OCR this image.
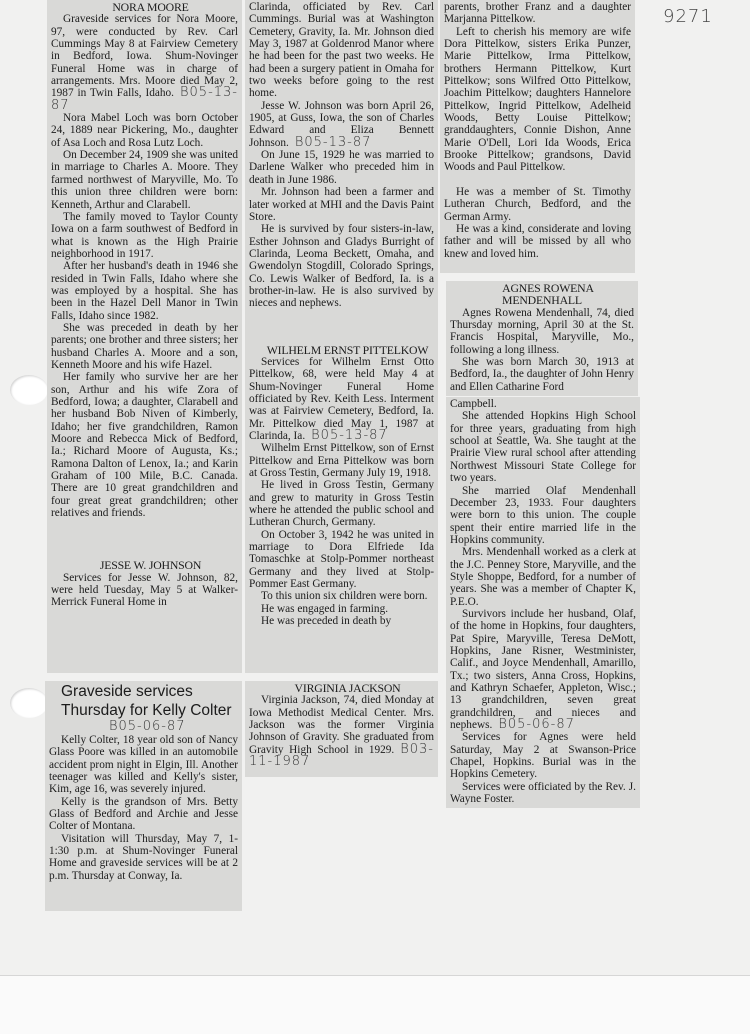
9271

NORA MOORE

Graveside services for Nora Moore, 97, were conducted by Rev. Carl Cummings May 8 at Fairview Cemetery in Bedford, Iowa. Shum-Novinger Funeral Home was in charge of arrangements. Mrs. Moore died May 2, 1987 in Twin Falls, Idaho. B05-13-87

Nora Mabel Loch was born October 24, 1889 near Pickering, Mo., daughter of Asa Loch and Rosa Lutz Loch.

On December 24, 1909 she was united in marriage to Charles A. Moore. They farmed northwest of Maryville, Mo. To this union three children were born: Kenneth, Arthur and Clarabell.

The family moved to Taylor County Iowa on a farm southwest of Bedford in what is known as the High Prairie neighborhood in 1917.

After her husband's death in 1946 she resided in Twin Falls, Idaho where she was employed by a hospital. She has been in the Hazel Dell Manor in Twin Falls, Idaho since 1982.

She was preceded in death by her parents; one brother and three sisters; her husband Charles A. Moore and a son, Kenneth Moore and his wife Hazel.

Her family who survive her are her son, Arthur and his wife Zora of Bedford, Iowa; a daughter, Clarabell and her husband Bob Niven of Kimberly, Idaho; her five grandchildren, Ramon Moore and Rebecca Mick of Bedford, Ia.; Richard Moore of Augusta, Ks.; Ramona Dalton of Lenox, Ia.; and Karin Graham of 100 Mile, B.C. Canada. There are 10 great grandchildren and four great great grandchildren; other relatives and friends.

JESSE W. JOHNSON

Services for Jesse W. Johnson, 82, were held Tuesday, May 5 at Walker-Merrick Funeral Home in

Graveside services

Thursday for Kelly Colter

B05-06-87

Kelly Colter, 18 year old son of Nancy Glass Poore was killed in an automobile accident prom night in Elgin, Ill. Another teenager was killed and Kelly's sister, Kim, age 16, was severely injured.

Kelly is the grandson of Mrs. Betty Glass of Bedford and Archie and Jesse Colter of Montana.

Visitation will Thursday, May 7, 1-1:30 p.m. at Shum-Novinger Funeral Home and graveside services will be at 2 p.m. Thursday at Conway, Ia.

Clarinda, officiated by Rev. Carl Cummings. Burial was at Washington Cemetery, Gravity, Ia. Mr. Johnson died May 3, 1987 at Goldenrod Manor where he had been for the past two weeks. He had been a surgery patient in Omaha for two weeks before going to the rest home.

Jesse W. Johnson was born April 26, 1905, at Guss, Iowa, the son of Charles Edward and Eliza Bennett Johnson. B05-13-87

On June 15, 1929 he was married to Darlene Walker who preceded him in death in June 1986.

Mr. Johnson had been a farmer and later worked at MHI and the Davis Paint Store.

He is survived by four sisters-in-law, Esther Johnson and Gladys Burright of Clarinda, Leoma Beckett, Omaha, and Gwendolyn Stogdill, Colorado Springs, Co. Lewis Walker of Bedford, Ia. is a brother-in-law. He is also survived by nieces and nephews.

WILHELM ERNST PITTELKOW

Services for Wilhelm Ernst Otto Pittelkow, 68, were held May 4 at Shum-Novinger Funeral Home officiated by Rev. Keith Less. Interment was at Fairview Cemetery, Bedford, Ia. Mr. Pittelkow died May 1, 1987 at Clarinda, Ia. B05-13-87

Wilhelm Ernst Pittelkow, son of Ernst Pittelkow and Erna Pittelkow was born at Gross Testin, Germany July 19, 1918.

He lived in Gross Testin, Germany and grew to maturity in Gross Testin where he attended the public school and Lutheran Church, Germany.

On October 3, 1942 he was united in marriage to Dora Elfriede Ida Tomaschke at Stolp-Pommer northeast Germany and they lived at Stolp-Pommer East Germany.

To this union six children were born.

He was engaged in farming.

He was preceded in death by

VIRGINIA JACKSON

Virginia Jackson, 74, died Monday at Iowa Methodist Medical Center. Mrs. Jackson was the former Virginia Johnson of Gravity. She graduated from Gravity High School in 1929. B03-11-1987

parents, brother Franz and a daughter Marjanna Pittelkow.

Left to cherish his memory are wife Dora Pittelkow, sisters Erika Punzer, Marie Pittelkow, Irma Pittelkow, brothers Hermann Pittelkow, Kurt Pittelkow; sons Wilfred Otto Pittelkow, Joachim Pittelkow; daughters Hannelore Pittelkow, Ingrid Pittelkow, Adelheid Woods, Betty Louise Pittelkow; granddaughters, Connie Dishon, Anne Marie O'Dell, Lori Ida Woods, Erica Brooke Pittelkow; grandsons, David Woods and Paul Pittelkow.

He was a member of St. Timothy Lutheran Church, Bedford, and the German Army.

He was a kind, considerate and loving father and will be missed by all who knew and loved him.

AGNES ROWENA MENDENHALL

Agnes Rowena Mendenhall, 74, died Thursday morning, April 30 at the St. Francis Hospital, Maryville, Mo., following a long illness.

She was born March 30, 1913 at Bedford, Ia., the daughter of John Henry and Ellen Catharine Ford

Campbell.

She attended Hopkins High School for three years, graduating from high school at Seattle, Wa. She taught at the Prairie View rural school after attending Northwest Missouri State College for two years.

She married Olaf Mendenhall December 23, 1933. Four daughters were born to this union. The couple spent their entire married life in the Hopkins community.

Mrs. Mendenhall worked as a clerk at the J.C. Penney Store, Maryville, and the Style Shoppe, Bedford, for a number of years. She was a member of Chapter K, P.E.O.

Survivors include her husband, Olaf, of the home in Hopkins, four daughters, Pat Spire, Maryville, Teresa DeMott, Hopkins, Jane Risner, Westminister, Calif., and Joyce Mendenhall, Amarillo, Tx.; two sisters, Anna Cross, Hopkins, and Kathryn Schaefer, Appleton, Wisc.; 13 grandchildren, seven great grandchildren, and nieces and nephews. B05-06-87

Services for Agnes were held Saturday, May 2 at Swanson-Price Chapel, Hopkins. Burial was in the Hopkins Cemetery.

Services were officiated by the Rev. J. Wayne Foster.
